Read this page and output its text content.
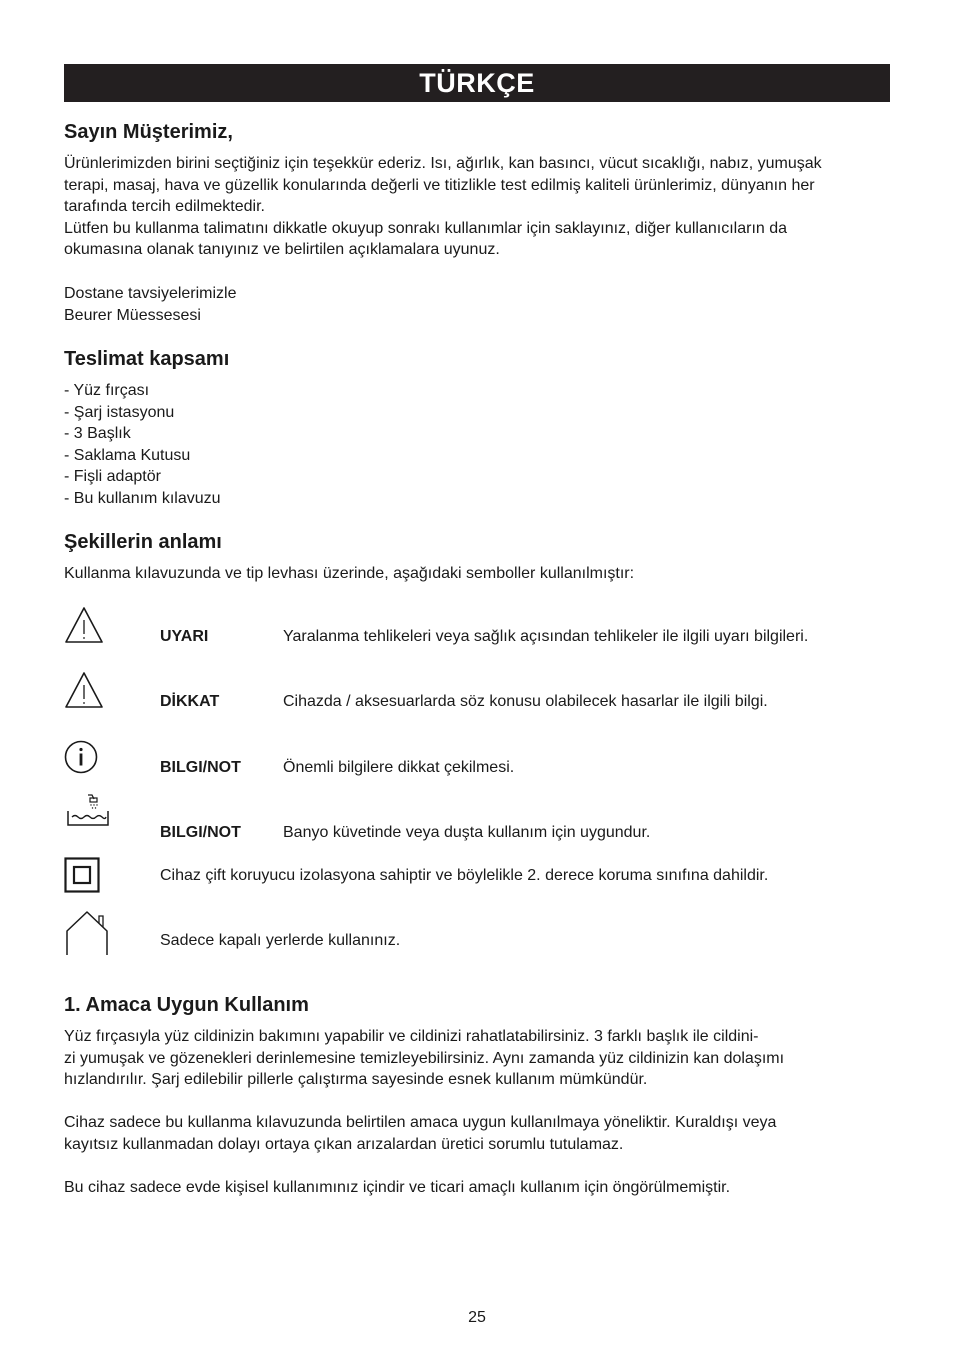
TÜRKÇE
Sayın Müşterimiz,
Ürünlerimizden birini seçtiğiniz için teşekkür ederiz. Isı, ağırlık, kan basıncı, vücut sıcaklığı, nabız, yumuşak
terapi, masaj, hava ve güzellik konularında değerli ve titizlikle test edilmiş kaliteli ürünlerimiz, dünyanın her
tarafında tercih edilmektedir.
Lütfen bu kullanma talimatını dikkatle okuyup sonrakı kullanımlar için saklayınız, diğer kullanıcıların da
okumasına olanak tanıyınız ve belirtilen açıklamalara uyunuz.
Dostane tavsiyelerimizle
Beurer Müessesesi
Teslimat kapsamı
- Yüz fırçası
- Şarj istasyonu
- 3 Başlık
- Saklama Kutusu
- Fişli adaptör
- Bu kullanım kılavuzu
Şekillerin anlamı
Kullanma kılavuzunda ve tip levhası üzerinde, aşağıdaki semboller kullanılmıştır:
UYARI	Yaralanma tehlikeleri veya sağlık açısından tehlikeler ile ilgili uyarı bilgileri.
DİKKAT	Cihazda / aksesuarlarda söz konusu olabilecek hasarlar ile ilgili bilgi.
BILGI/NOT	Önemli bilgilere dikkat çekilmesi.
BILGI/NOT	Banyo küvetinde veya duşta kullanım için uygundur.
Cihaz çift koruyucu izolasyona sahiptir ve böylelikle 2. derece koruma sınıfına dahildir.
Sadece kapalı yerlerde kullanınız.
1. Amaca Uygun Kullanım
Yüz fırçasıyla yüz cildinizin bakımını yapabilir ve cildinizi rahatlatabilirsiniz. 3 farklı başlık ile cildini-
zi yumuşak ve gözenekleri derinlemesine temizleyebilirsiniz. Aynı zamanda yüz cildinizin kan dolaşımı
hızlandırılır. Şarj edilebilir pillerle çalıştırma sayesinde esnek kullanım mümkündür.
Cihaz sadece bu kullanma kılavuzunda belirtilen amaca uygun kullanılmaya yöneliktir. Kuraldışı veya
kayıtsız kullanmadan dolayı ortaya çıkan arızalardan üretici sorumlu tutulamaz.
Bu cihaz sadece evde kişisel kullanımınız içindir ve ticari amaçlı kullanım için öngörülmemiştir.
25
